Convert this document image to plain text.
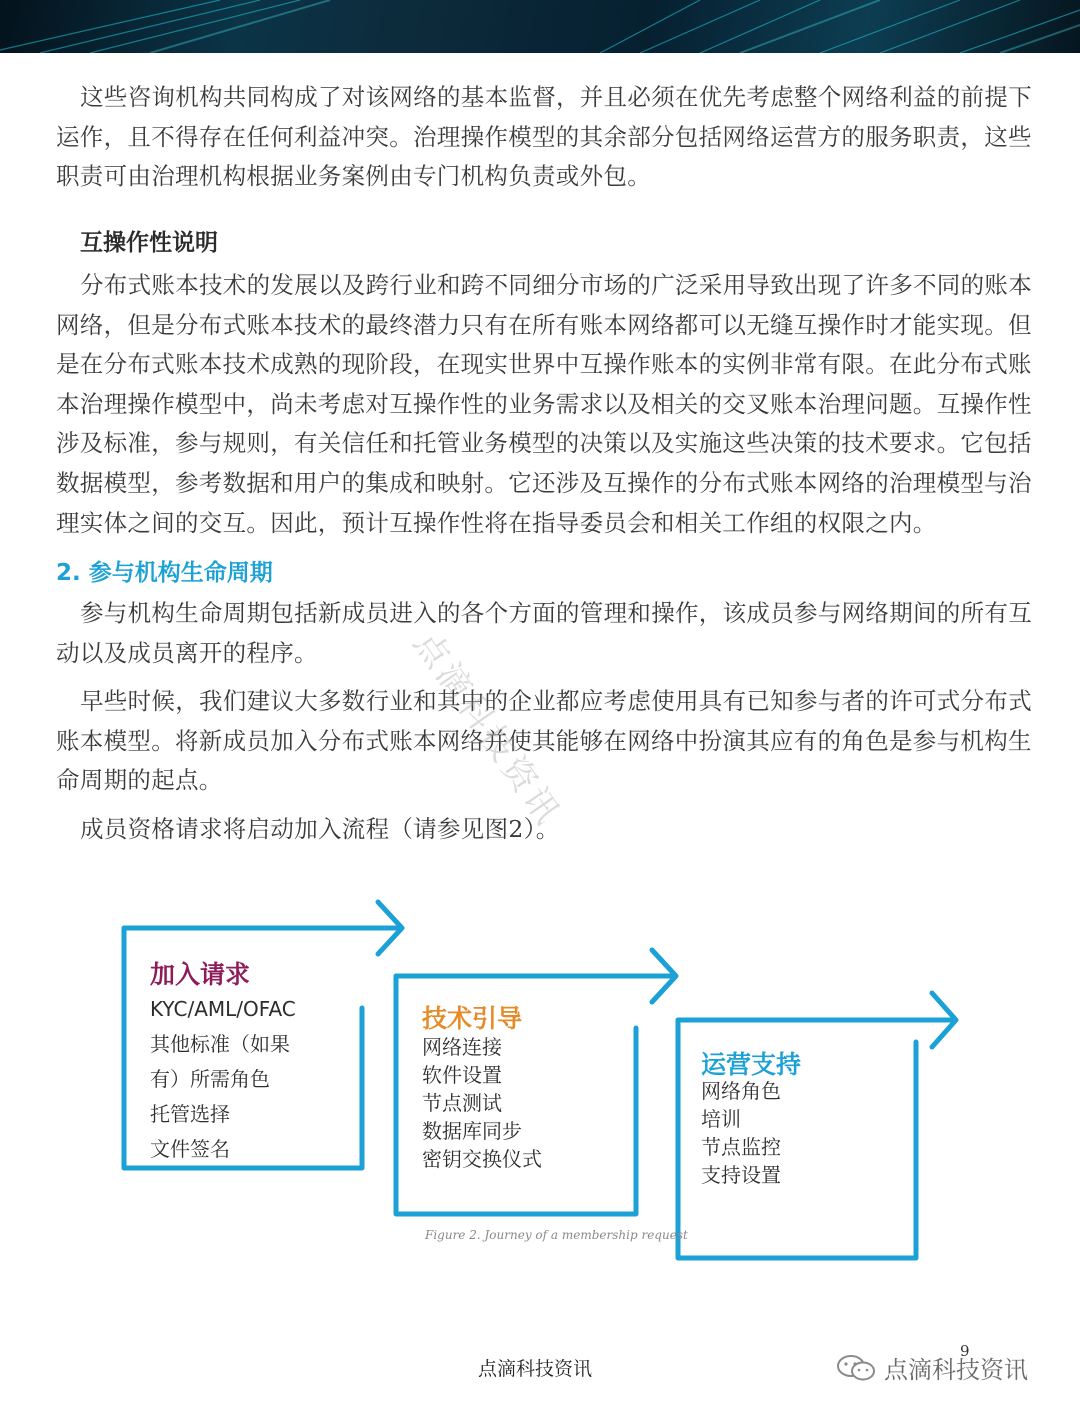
这些咨询机构共同构成了对该网络的基本监督，并且必须在优先考虑整个网络利益的前提下运作，且不得存在任何利益冲突。治理操作模型的其余部分包括网络运营方的服务职责，这些职责可由治理机构根据业务案例由专门机构负责或外包。

互操作性说明

分布式账本技术的发展以及跨行业和跨不同细分市场的广泛采用导致出现了许多不同的账本网络，但是分布式账本技术的最终潜力只有在所有账本网络都可以无缝互操作时才能实现。但是在分布式账本技术成熟的现阶段，在现实世界中互操作账本的实例非常有限。在此分布式账本治理操作模型中，尚未考虑对互操作性的业务需求以及相关的交叉账本治理问题。互操作性涉及标准，参与规则，有关信任和托管业务模型的决策以及实施这些决策的技术要求。它包括数据模型，参考数据和用户的集成和映射。它还涉及互操作的分布式账本网络的治理模型与治理实体之间的交互。因此，预计互操作性将在指导委员会和相关工作组的权限之内。

2. 参与机构生命周期

参与机构生命周期包括新成员进入的各个方面的管理和操作，该成员参与网络期间的所有互动以及成员离开的程序。

早些时候，我们建议大多数行业和其中的企业都应考虑使用具有已知参与者的许可式分布式账本模型。将新成员加入分布式账本网络并使其能够在网络中扮演其应有的角色是参与机构生命周期的起点。

成员资格请求将启动加入流程（请参见图2）。

点滴科技资讯
加入请求
KYC/AML/OFAC
其他标准（如果
有）所需角色
托管选择
文件签名
技术引导
网络连接
软件设置
节点测试
数据库同步
密钥交换仪式
运营支持
网络角色
培训
节点监控
支持设置
Figure 2. Journey of a membership request
9
点滴科技资讯	点滴科技资讯
